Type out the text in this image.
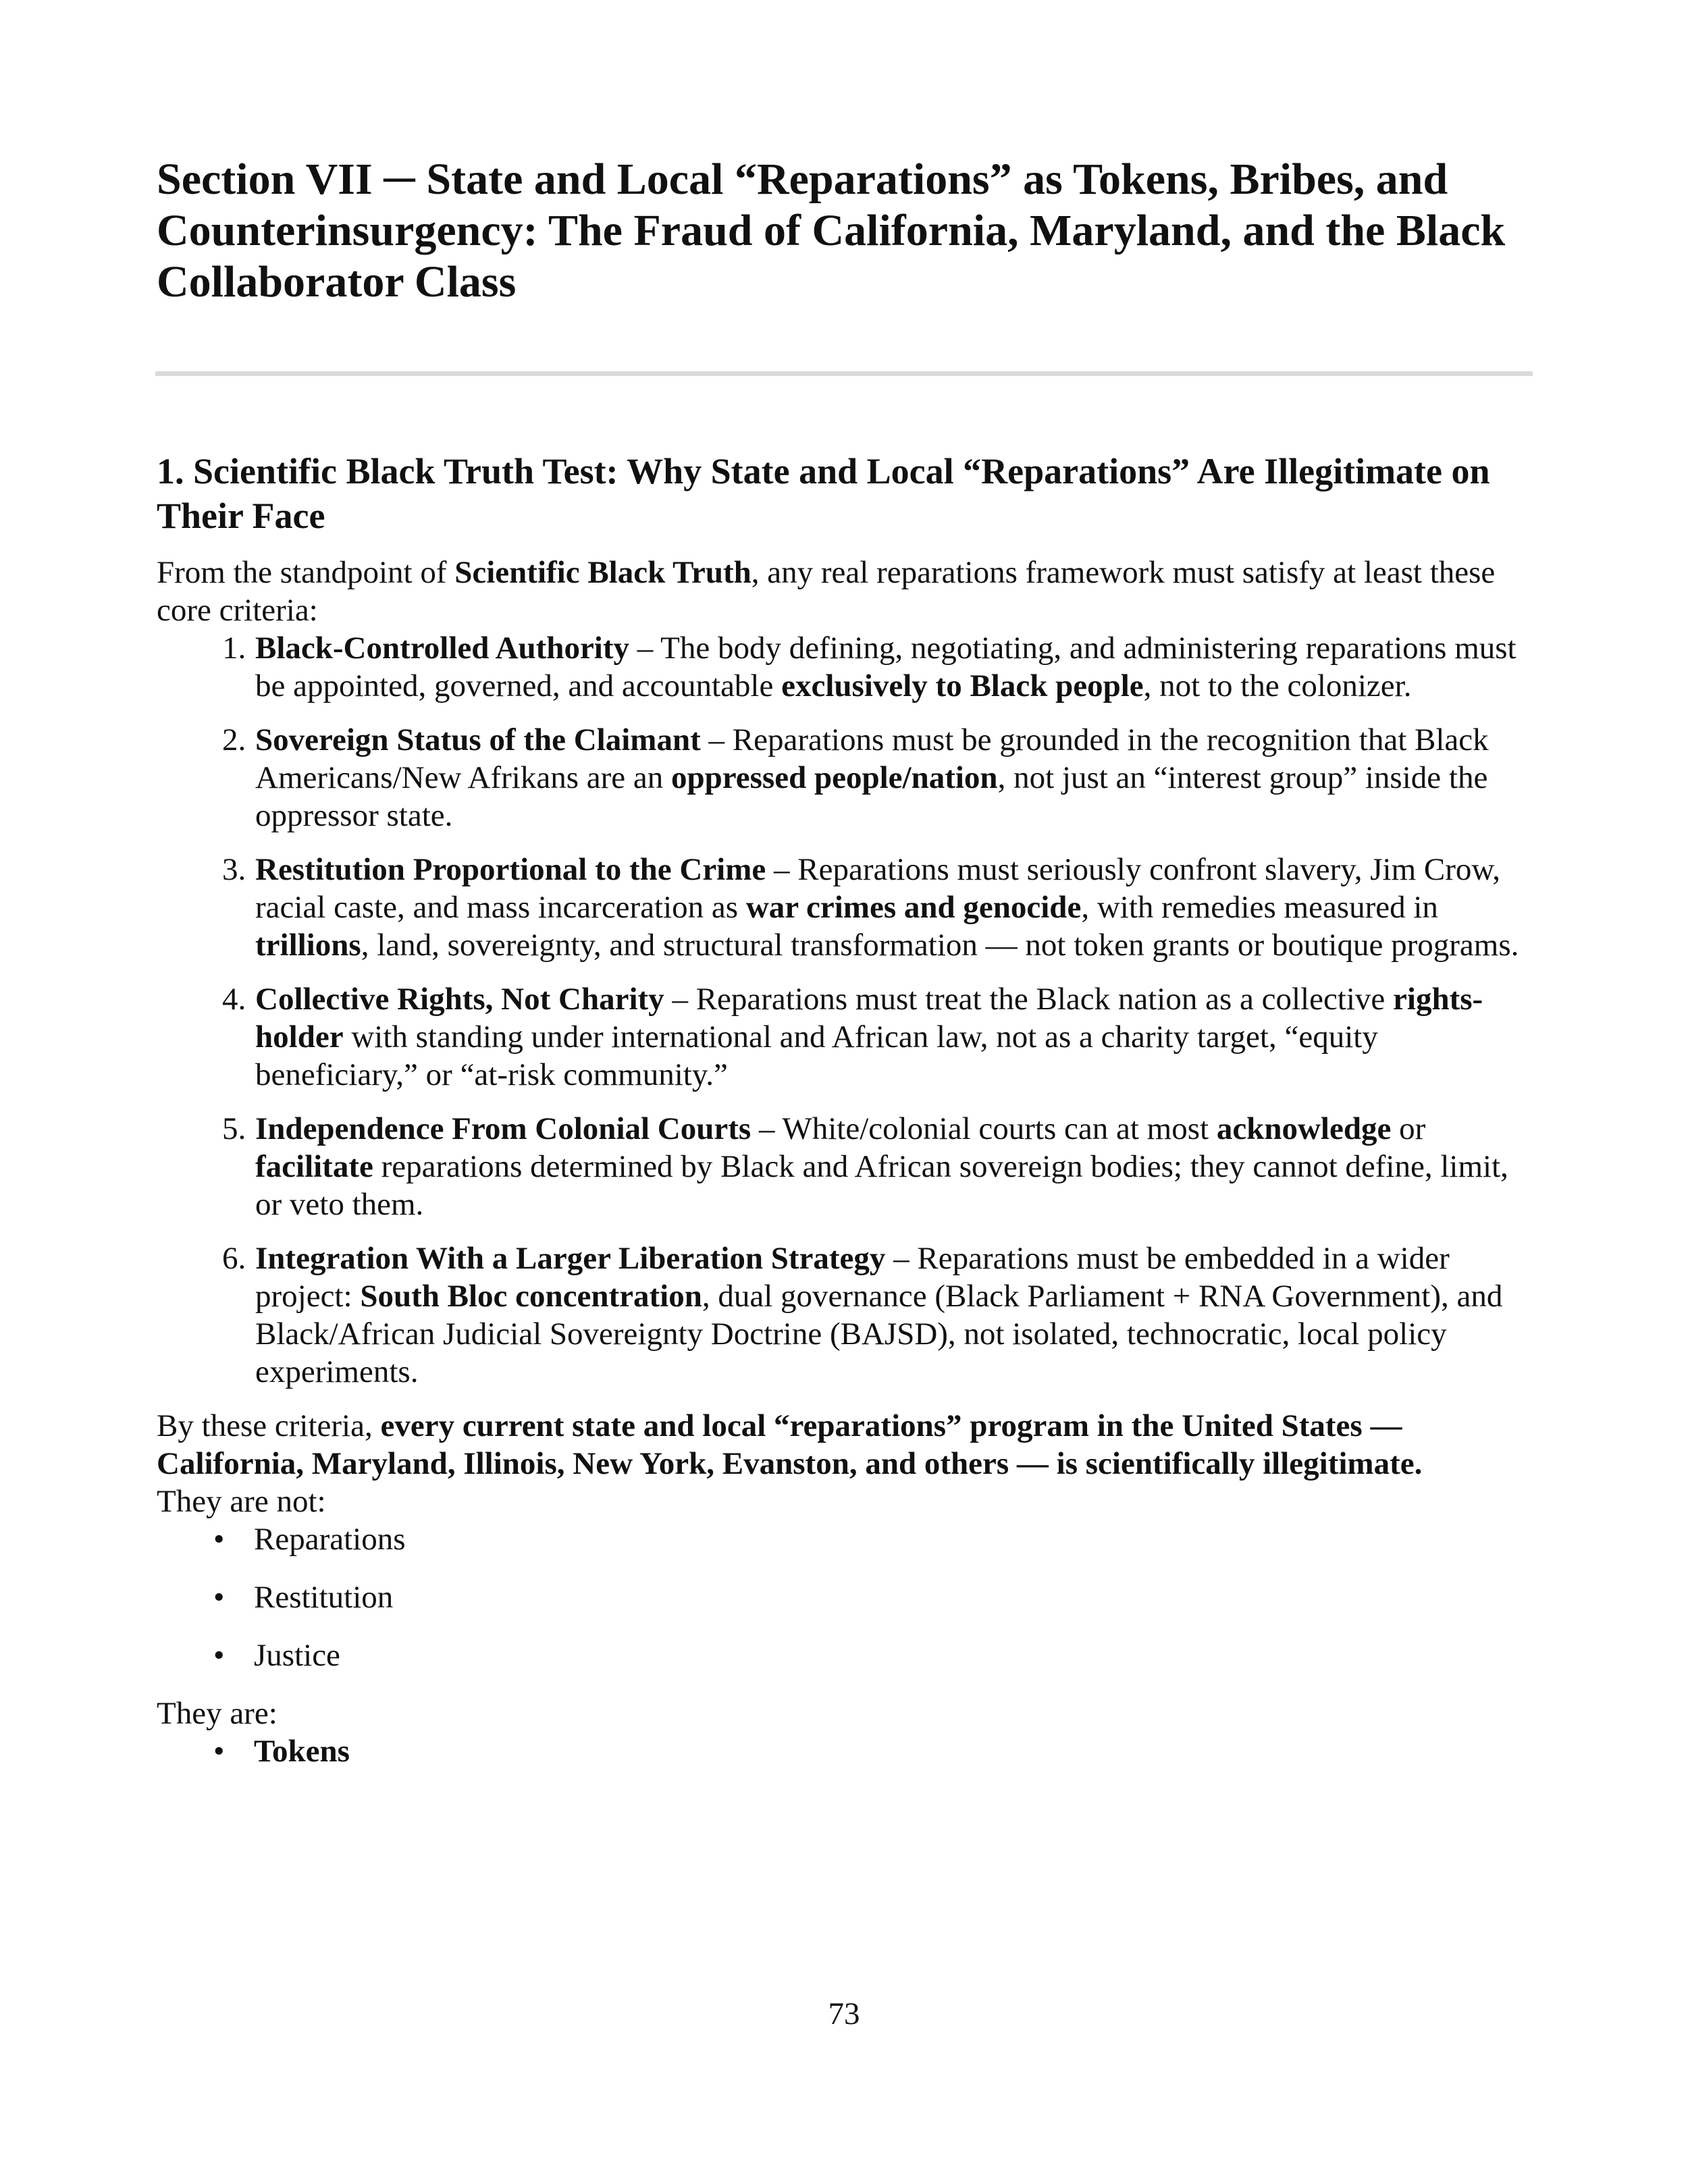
Section VII ─ State and Local “Reparations” as Tokens, Bribes, and Counterinsurgency: The Fraud of California, Maryland, and the Black Collaborator Class
1. Scientific Black Truth Test: Why State and Local “Reparations” Are Illegitimate on Their Face

From the standpoint of Scientific Black Truth, any real reparations framework must satisfy at least these core criteria:

1. Black-Controlled Authority – The body defining, negotiating, and administering reparations must be appointed, governed, and accountable exclusively to Black people, not to the colonizer.
2. Sovereign Status of the Claimant – Reparations must be grounded in the recognition that Black Americans/New Afrikans are an oppressed people/nation, not just an “interest group” inside the oppressor state.
3. Restitution Proportional to the Crime – Reparations must seriously confront slavery, Jim Crow, racial caste, and mass incarceration as war crimes and genocide, with remedies measured in trillions, land, sovereignty, and structural transformation — not token grants or boutique programs.
4. Collective Rights, Not Charity – Reparations must treat the Black nation as a collective rights-holder with standing under international and African law, not as a charity target, “equity beneficiary,” or “at-risk community.”
5. Independence From Colonial Courts – White/colonial courts can at most acknowledge or facilitate reparations determined by Black and African sovereign bodies; they cannot define, limit, or veto them.
6. Integration With a Larger Liberation Strategy – Reparations must be embedded in a wider project: South Bloc concentration, dual governance (Black Parliament + RNA Government), and Black/African Judicial Sovereignty Doctrine (BAJSD), not isolated, technocratic, local policy experiments.

By these criteria, every current state and local “reparations” program in the United States — California, Maryland, Illinois, New York, Evanston, and others — is scientifically illegitimate.

They are not:

• Reparations
• Restitution
• Justice

They are:

• Tokens
73
